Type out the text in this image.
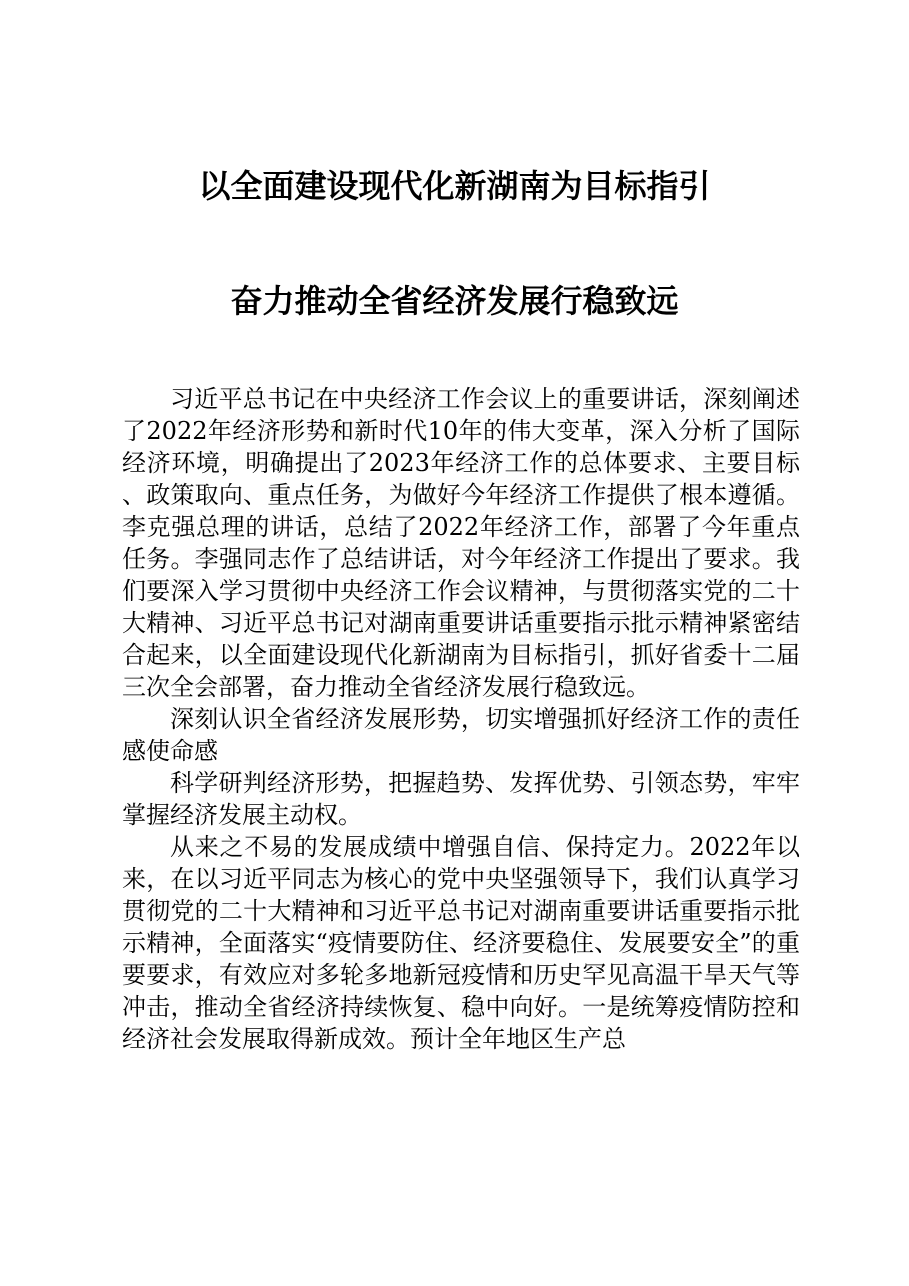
以全面建设现代化新湖南为目标指引
奋力推动全省经济发展行稳致远

习近平总书记在中央经济工作会议上的重要讲话，深刻阐述了2022年经济形势和新时代10年的伟大变革，深入分析了国际经济环境，明确提出了2023年经济工作的总体要求、主要目标、政策取向、重点任务，为做好今年经济工作提供了根本遵循。李克强总理的讲话，总结了2022年经济工作，部署了今年重点任务。李强同志作了总结讲话，对今年经济工作提出了要求。我们要深入学习贯彻中央经济工作会议精神，与贯彻落实党的二十大精神、习近平总书记对湖南重要讲话重要指示批示精神紧密结合起来，以全面建设现代化新湖南为目标指引，抓好省委十二届三次全会部署，奋力推动全省经济发展行稳致远。

深刻认识全省经济发展形势，切实增强抓好经济工作的责任感使命感

科学研判经济形势，把握趋势、发挥优势、引领态势，牢牢掌握经济发展主动权。

从来之不易的发展成绩中增强自信、保持定力。2022年以来，在以习近平同志为核心的党中央坚强领导下，我们认真学习贯彻党的二十大精神和习近平总书记对湖南重要讲话重要指示批示精神，全面落实“疫情要防住、经济要稳住、发展要安全”的重要要求，有效应对多轮多地新冠疫情和历史罕见高温干旱天气等冲击，推动全省经济持续恢复、稳中向好。一是统筹疫情防控和经济社会发展取得新成效。预计全年地区生产总
